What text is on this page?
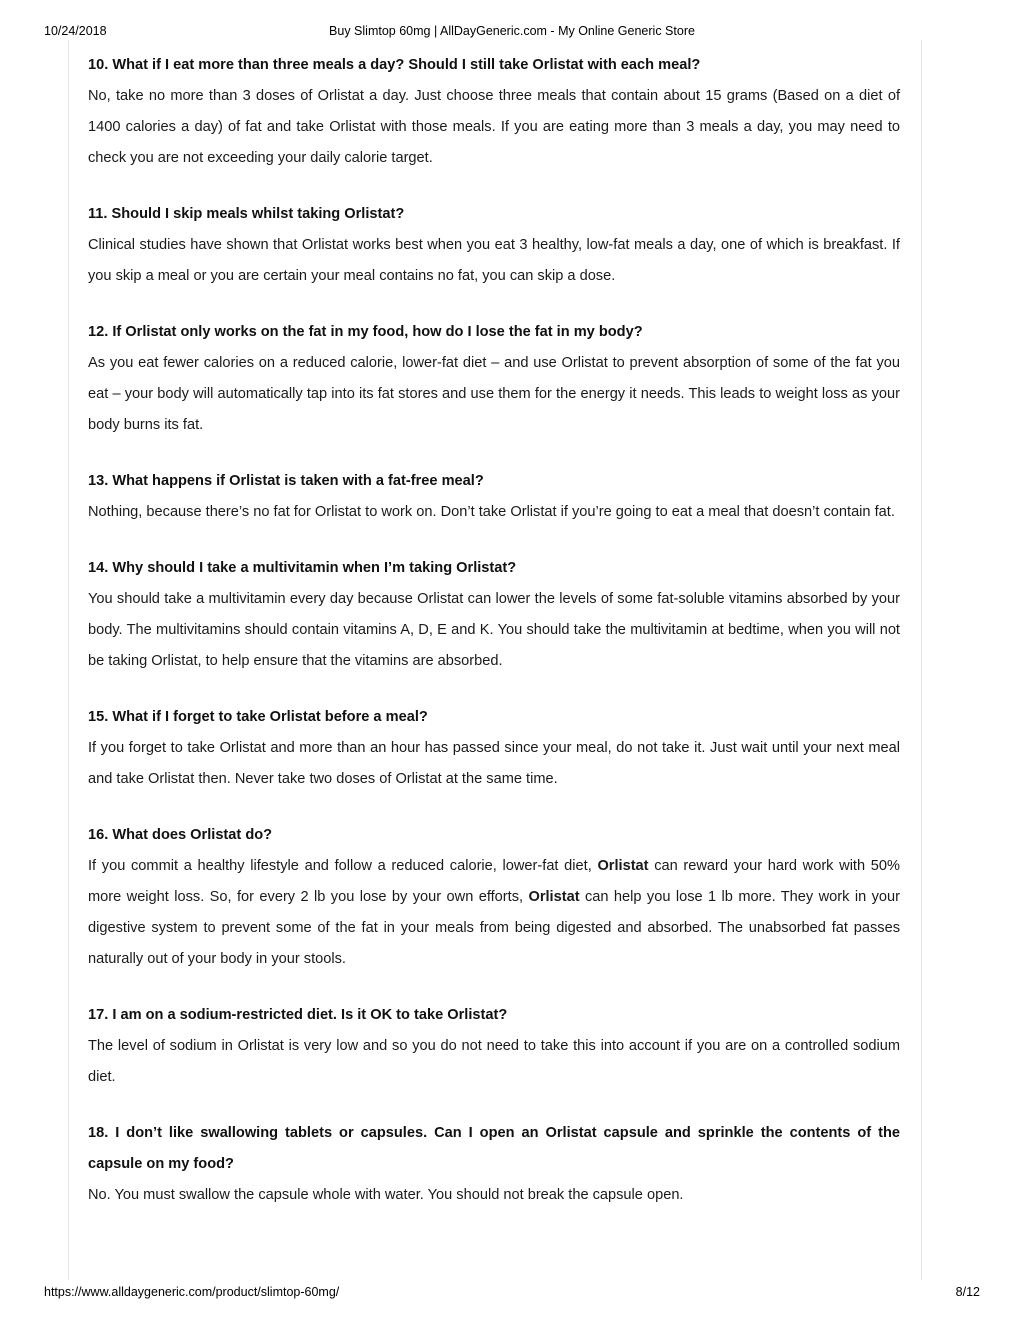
10/24/2018	Buy Slimtop 60mg | AllDayGeneric.com - My Online Generic Store

10. What if I eat more than three meals a day? Should I still take Orlistat with each meal?

No, take no more than 3 doses of Orlistat a day. Just choose three meals that contain about 15 grams (Based on a diet of 1400 calories a day) of fat and take Orlistat with those meals. If you are eating more than 3 meals a day, you may need to check you are not exceeding your daily calorie target.

11. Should I skip meals whilst taking Orlistat?

Clinical studies have shown that Orlistat works best when you eat 3 healthy, low-fat meals a day, one of which is breakfast. If you skip a meal or you are certain your meal contains no fat, you can skip a dose.

12. If Orlistat only works on the fat in my food, how do I lose the fat in my body?

As you eat fewer calories on a reduced calorie, lower-fat diet – and use Orlistat to prevent absorption of some of the fat you eat – your body will automatically tap into its fat stores and use them for the energy it needs. This leads to weight loss as your body burns its fat.

13. What happens if Orlistat is taken with a fat-free meal?

Nothing, because there’s no fat for Orlistat to work on. Don’t take Orlistat if you’re going to eat a meal that doesn’t contain fat.

14. Why should I take a multivitamin when I’m taking Orlistat?

You should take a multivitamin every day because Orlistat can lower the levels of some fat-soluble vitamins absorbed by your body. The multivitamins should contain vitamins A, D, E and K. You should take the multivitamin at bedtime, when you will not be taking Orlistat, to help ensure that the vitamins are absorbed.

15. What if I forget to take Orlistat before a meal?

If you forget to take Orlistat and more than an hour has passed since your meal, do not take it. Just wait until your next meal and take Orlistat then. Never take two doses of Orlistat at the same time.

16. What does Orlistat do?

If you commit a healthy lifestyle and follow a reduced calorie, lower-fat diet, Orlistat can reward your hard work with 50% more weight loss. So, for every 2 lb you lose by your own efforts, Orlistat can help you lose 1 lb more. They work in your digestive system to prevent some of the fat in your meals from being digested and absorbed. The unabsorbed fat passes naturally out of your body in your stools.

17. I am on a sodium-restricted diet. Is it OK to take Orlistat?

The level of sodium in Orlistat is very low and so you do not need to take this into account if you are on a controlled sodium diet.

18. I don’t like swallowing tablets or capsules. Can I open an Orlistat capsule and sprinkle the contents of the capsule on my food?

No. You must swallow the capsule whole with water. You should not break the capsule open.

https://www.alldaygeneric.com/product/slimtop-60mg/	8/12
